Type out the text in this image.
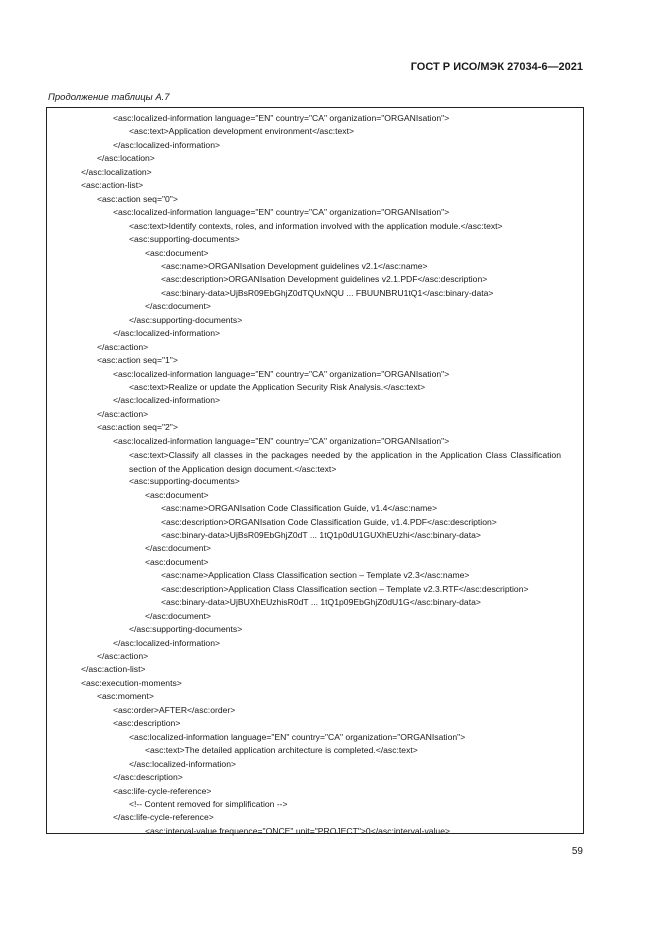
ГОСТ Р ИСО/МЭК 27034-6—2021
Продолжение таблицы А.7
<asc:localized-information language="EN" country="CA" organization="ORGANIsation">
<asc:text>Application development environment</asc:text>
</asc:localized-information>
</asc:location>
</asc:localization>
<asc:action-list>
<asc:action seq="0">
<asc:localized-information language="EN" country="CA" organization="ORGANIsation">
<asc:text>Identify contexts, roles, and information involved with the application module.</asc:text>
<asc:supporting-documents>
<asc:document>
<asc:name>ORGANIsation Development guidelines v2.1</asc:name>
<asc:description>ORGANIsation Development guidelines v2.1.PDF</asc:description>
<asc:binary-data>UjBsR09EbGhjZ0dTQUxNQU ... FBUUNBRU1tQ1</asc:binary-data>
</asc:document>
</asc:supporting-documents>
</asc:localized-information>
</asc:action>
<asc:action seq="1">
<asc:localized-information language="EN" country="CA" organization="ORGANIsation">
<asc:text>Realize or update the Application Security Risk Analysis.</asc:text>
</asc:localized-information>
</asc:action>
<asc:action seq="2">
<asc:localized-information language="EN" country="CA" organization="ORGANIsation">
<asc:text>Classify all classes in the packages needed by the application in the Application Class Classification section of the Application design document.</asc:text>
<asc:supporting-documents>
<asc:document>
<asc:name>ORGANIsation Code Classification Guide, v1.4</asc:name>
<asc:description>ORGANIsation Code Classification Guide, v1.4.PDF</asc:description>
<asc:binary-data>UjBsR09EbGhjZ0dT ... 1tQ1p0dU1GUXhEUzhi</asc:binary-data>
</asc:document>
<asc:document>
<asc:name>Application Class Classification section – Template v2.3</asc:name>
<asc:description>Application Class Classification section – Template v2.3.RTF</asc:description>
<asc:binary-data>UjBUXhEUzhisR0dT ... 1tQ1p09EbGhjZ0dU1G</asc:binary-data>
</asc:document>
</asc:supporting-documents>
</asc:localized-information>
</asc:action>
</asc:action-list>
<asc:execution-moments>
<asc:moment>
<asc:order>AFTER</asc:order>
<asc:description>
<asc:localized-information language="EN" country="CA" organization="ORGANIsation">
<asc:text>The detailed application architecture is completed.</asc:text>
</asc:localized-information>
</asc:description>
<asc:life-cycle-reference>
<!-- Content removed for simplification -->
</asc:life-cycle-reference>
<asc:interval-value frequence="ONCE" unit="PROJECT">0</asc:interval-value>
59
